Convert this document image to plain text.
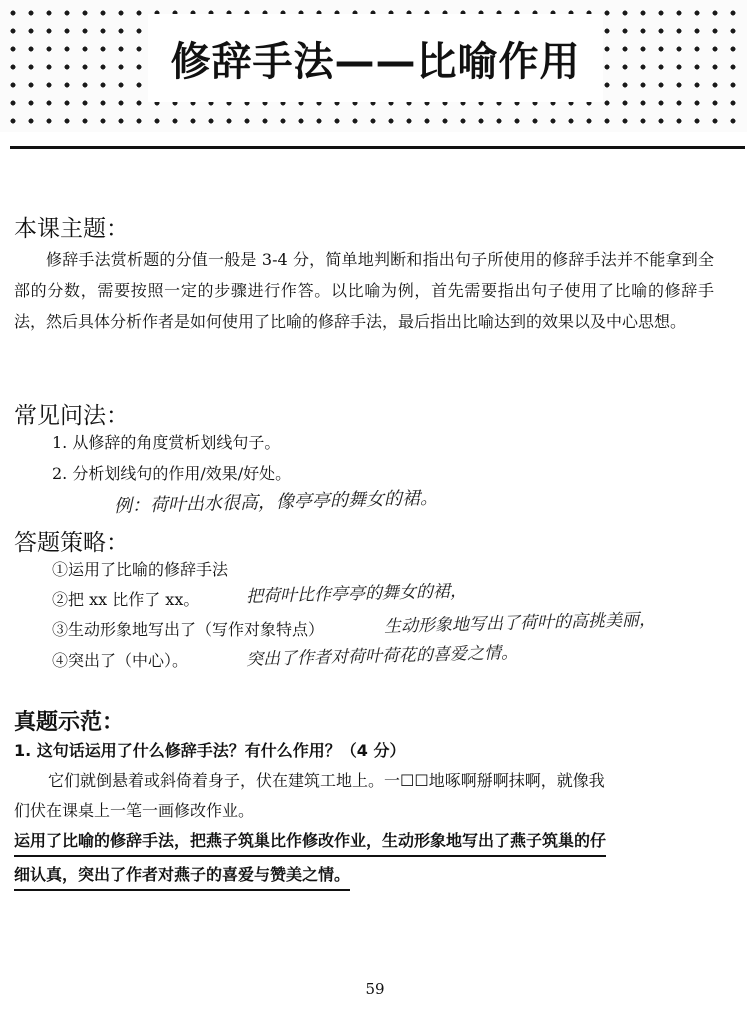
修辞手法——比喻作用
本课主题：

修辞手法赏析题的分值一般是 3-4 分，简单地判断和指出句子所使用的修辞手法并不能拿到全部的分数，需要按照一定的步骤进行作答。以比喻为例，首先需要指出句子使用了比喻的修辞手法，然后具体分析作者是如何使用了比喻的修辞手法，最后指出比喻达到的效果以及中心思想。

常见问法：

1. 从修辞的角度赏析划线句子。

2. 分析划线句的作用/效果/好处。

例：荷叶出水很高，像亭亭的舞女的裙。

答题策略：

①运用了比喻的修辞手法

②把 xx 比作了 xx。	把荷叶比作亭亭的舞女的裙，

③生动形象地写出了（写作对象特点）	生动形象地写出了荷叶的高挑美丽，

④突出了（中心）。	突出了作者对荷叶荷花的喜爱之情。

真题示范：

1. 这句话运用了什么修辞手法？有什么作用？（4 分）

它们就倒悬着或斜倚着身子，伏在建筑工地上。一☐☐地啄啊掰啊抹啊，就像我

们伏在课桌上一笔一画修改作业。

运用了比喻的修辞手法，把燕子筑巢比作修改作业，生动形象地写出了燕子筑巢的仔

细认真，突出了作者对燕子的喜爱与赞美之情。

59
